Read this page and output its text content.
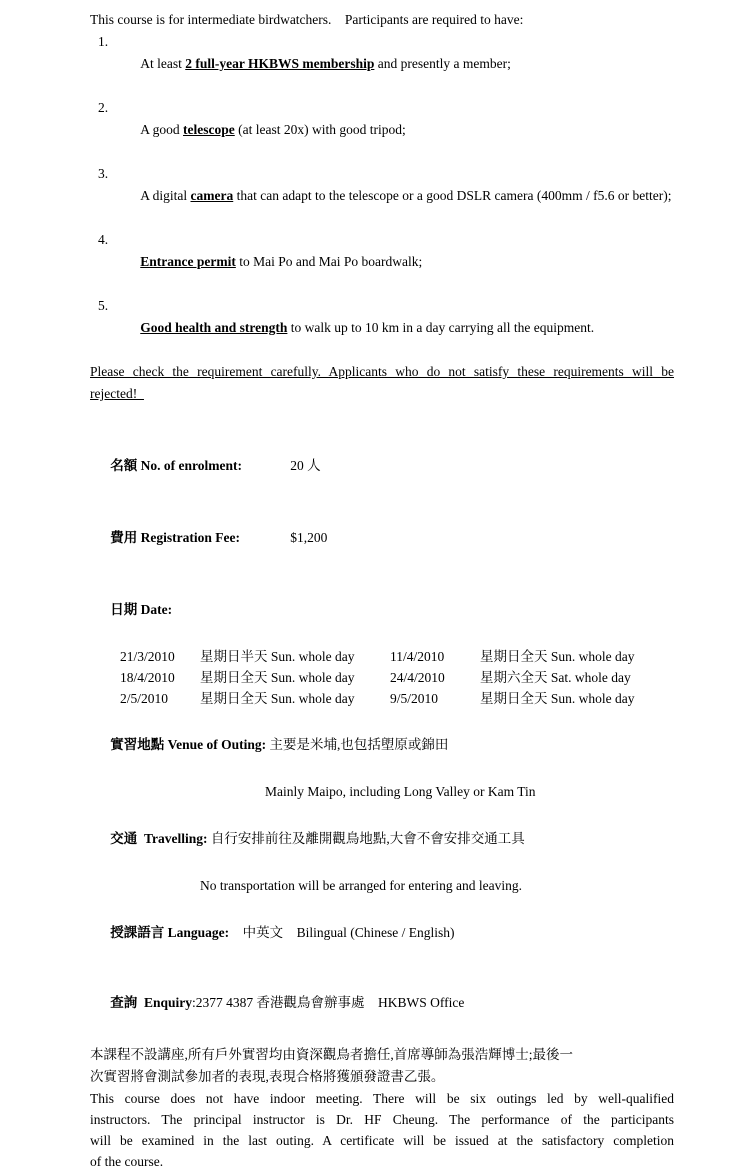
This course is for intermediate birdwatchers.    Participants are required to have:

1.
At least 2 full-year HKBWS membership and presently a member;

2.
A good telescope (at least 20x) with good tripod;

3.
A digital camera that can adapt to the telescope or a good DSLR camera (400mm / f5.6 or better);

4.
Entrance permit to Mai Po and Mai Po boardwalk;

5.
Good health and strength to walk up to 10 km in a day carrying all the equipment.

Please check the requirement carefully. Applicants who do not satisfy these requirements will be
rejected!

名額 No. of enrolment:	20 人

費用 Registration Fee:	$1,200

日期 Date:

21/3/2010	星期日半天 Sun. whole day	11/4/2010	星期日全天 Sun. whole day
18/4/2010	星期日全天 Sun. whole day	24/4/2010	星期六全天 Sat. whole day
2/5/2010	星期日全天 Sun. whole day	9/5/2010	星期日全天 Sun. whole day

實習地點 Venue of Outing: 主要是米埔,也包括塱原或錦田

Mainly Maipo, including Long Valley or Kam Tin

交通  Travelling: 自行安排前往及離開觀鳥地點,大會不會安排交通工具

No transportation will be arranged for entering and leaving.

授課語言 Language:    中英文    Bilingual (Chinese / English)

查詢  Enquiry:2377 4387 香港觀鳥會辦事處    HKBWS Office

本課程不設講座,所有戶外實習均由資深觀鳥者擔任,首席導師為張浩輝博士;最後一
次實習將會測試參加者的表現,表現合格將獲頒發證書乙張。
This course does not have indoor meeting. There will be six outings led by well-qualified
instructors. The principal instructor is Dr. HF Cheung. The performance of the participants
will be examined in the last outing. A certificate will be issued at the satisfactory completion
of the course.
